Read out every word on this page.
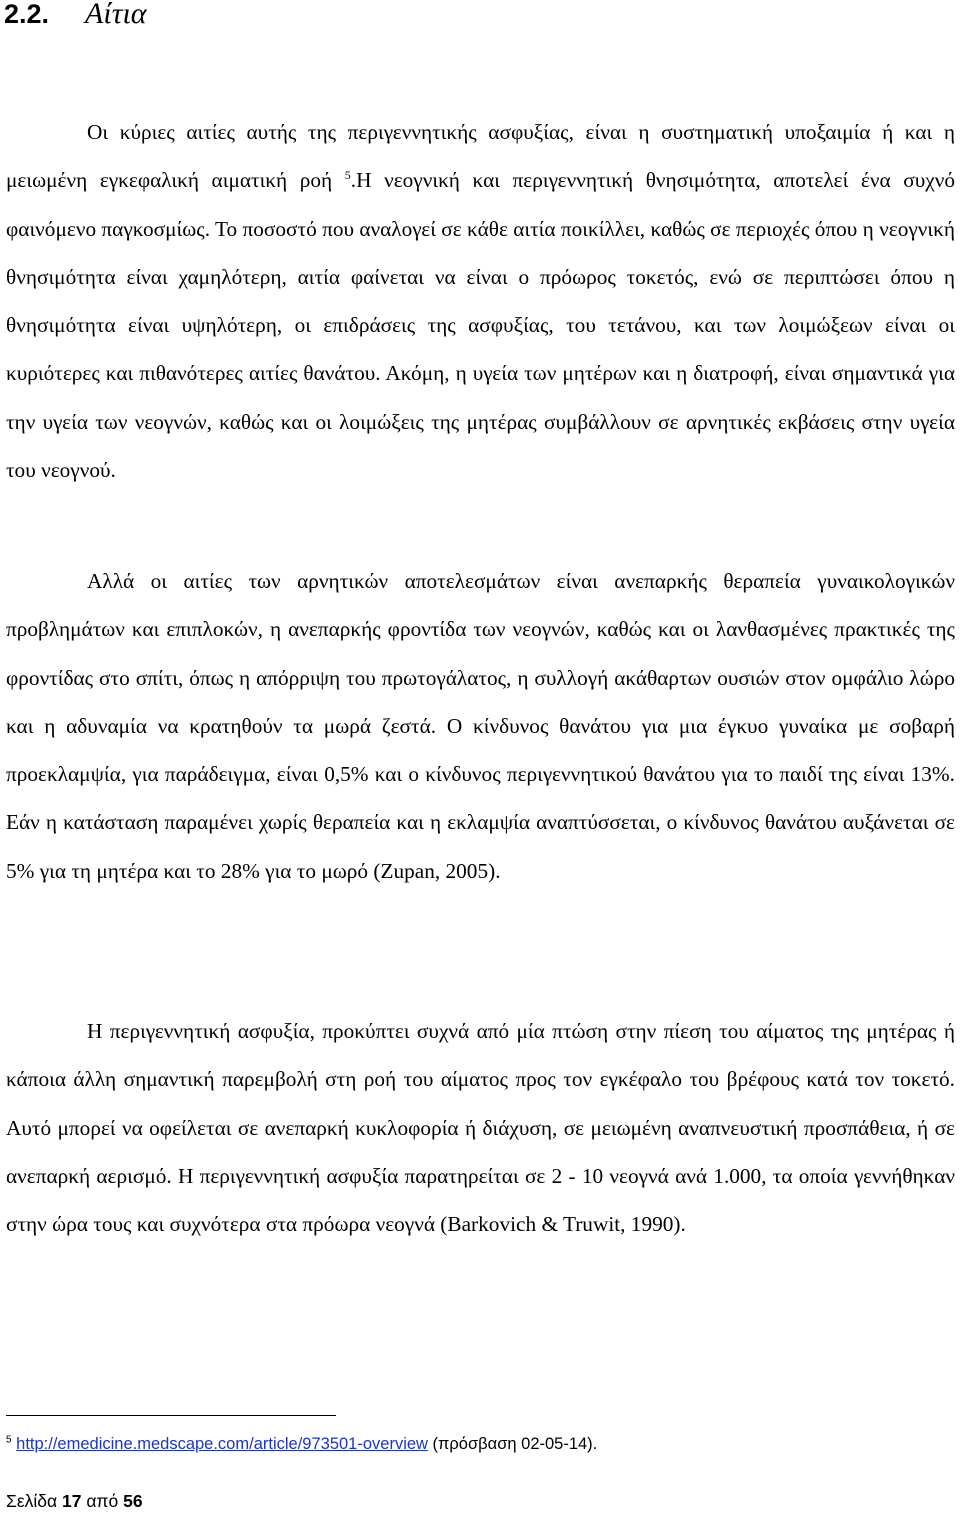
2.2. Αίτια

Οι κύριες αιτίες αυτής της περιγεννητικής ασφυξίας, είναι η συστηματική υποξαιμία ή και η μειωμένη εγκεφαλική αιματική ροή $^5$.Η νεογνική και περιγεννητική θνησιμότητα, αποτελεί ένα συχνό φαινόμενο παγκοσμίως. Το ποσοστό που αναλογεί σε κάθε αιτία ποικίλλει, καθώς σε περιοχές όπου η νεογνική θνησιμότητα είναι χαμηλότερη, αιτία φαίνεται να είναι ο πρόωρος τοκετός, ενώ σε περιπτώσει όπου η θνησιμότητα είναι υψηλότερη, οι επιδράσεις της ασφυξίας, του τετάνου, και των λοιμώξεων είναι οι κυριότερες και πιθανότερες αιτίες θανάτου. Ακόμη, η υγεία των μητέρων και η διατροφή, είναι σημαντικά για την υγεία των νεογνών, καθώς και οι λοιμώξεις της μητέρας συμβάλλουν σε αρνητικές εκβάσεις στην υγεία του νεογνού.

Αλλά οι αιτίες των αρνητικών αποτελεσμάτων είναι ανεπαρκής θεραπεία γυναικολογικών προβλημάτων και επιπλοκών, η ανεπαρκής φροντίδα των νεογνών, καθώς και οι λανθασμένες πρακτικές της φροντίδας στο σπίτι, όπως η απόρριψη του πρωτογάλατος, η συλλογή ακάθαρτων ουσιών στον ομφάλιο λώρο και η αδυναμία να κρατηθούν τα μωρά ζεστά. Ο κίνδυνος θανάτου για μια έγκυο γυναίκα με σοβαρή προεκλαμψία, για παράδειγμα, είναι 0,5% και ο κίνδυνος περιγεννητικού θανάτου για το παιδί της είναι 13%. Εάν η κατάσταση παραμένει χωρίς θεραπεία και η εκλαμψία αναπτύσσεται, ο κίνδυνος θανάτου αυξάνεται σε 5% για τη μητέρα και το 28% για το μωρό (Zupan, 2005).

Η περιγεννητική ασφυξία, προκύπτει συχνά από μία πτώση στην πίεση του αίματος της μητέρας ή κάποια άλλη σημαντική παρεμβολή στη ροή του αίματος προς τον εγκέφαλο του βρέφους κατά τον τοκετό. Αυτό μπορεί να οφείλεται σε ανεπαρκή κυκλοφορία ή διάχυση, σε μειωμένη αναπνευστική προσπάθεια, ή σε ανεπαρκή αερισμό. Η περιγεννητική ασφυξία παρατηρείται σε 2 - 10 νεογνά ανά 1.000, τα οποία γεννήθηκαν στην ώρα τους και συχνότερα στα πρόωρα νεογνά (Barkovich & Truwit, 1990).

$^5$ http://emedicine.medscape.com/article/973501-overview (πρόσβαση 02-05-14).

Σελίδα 17 από 56
